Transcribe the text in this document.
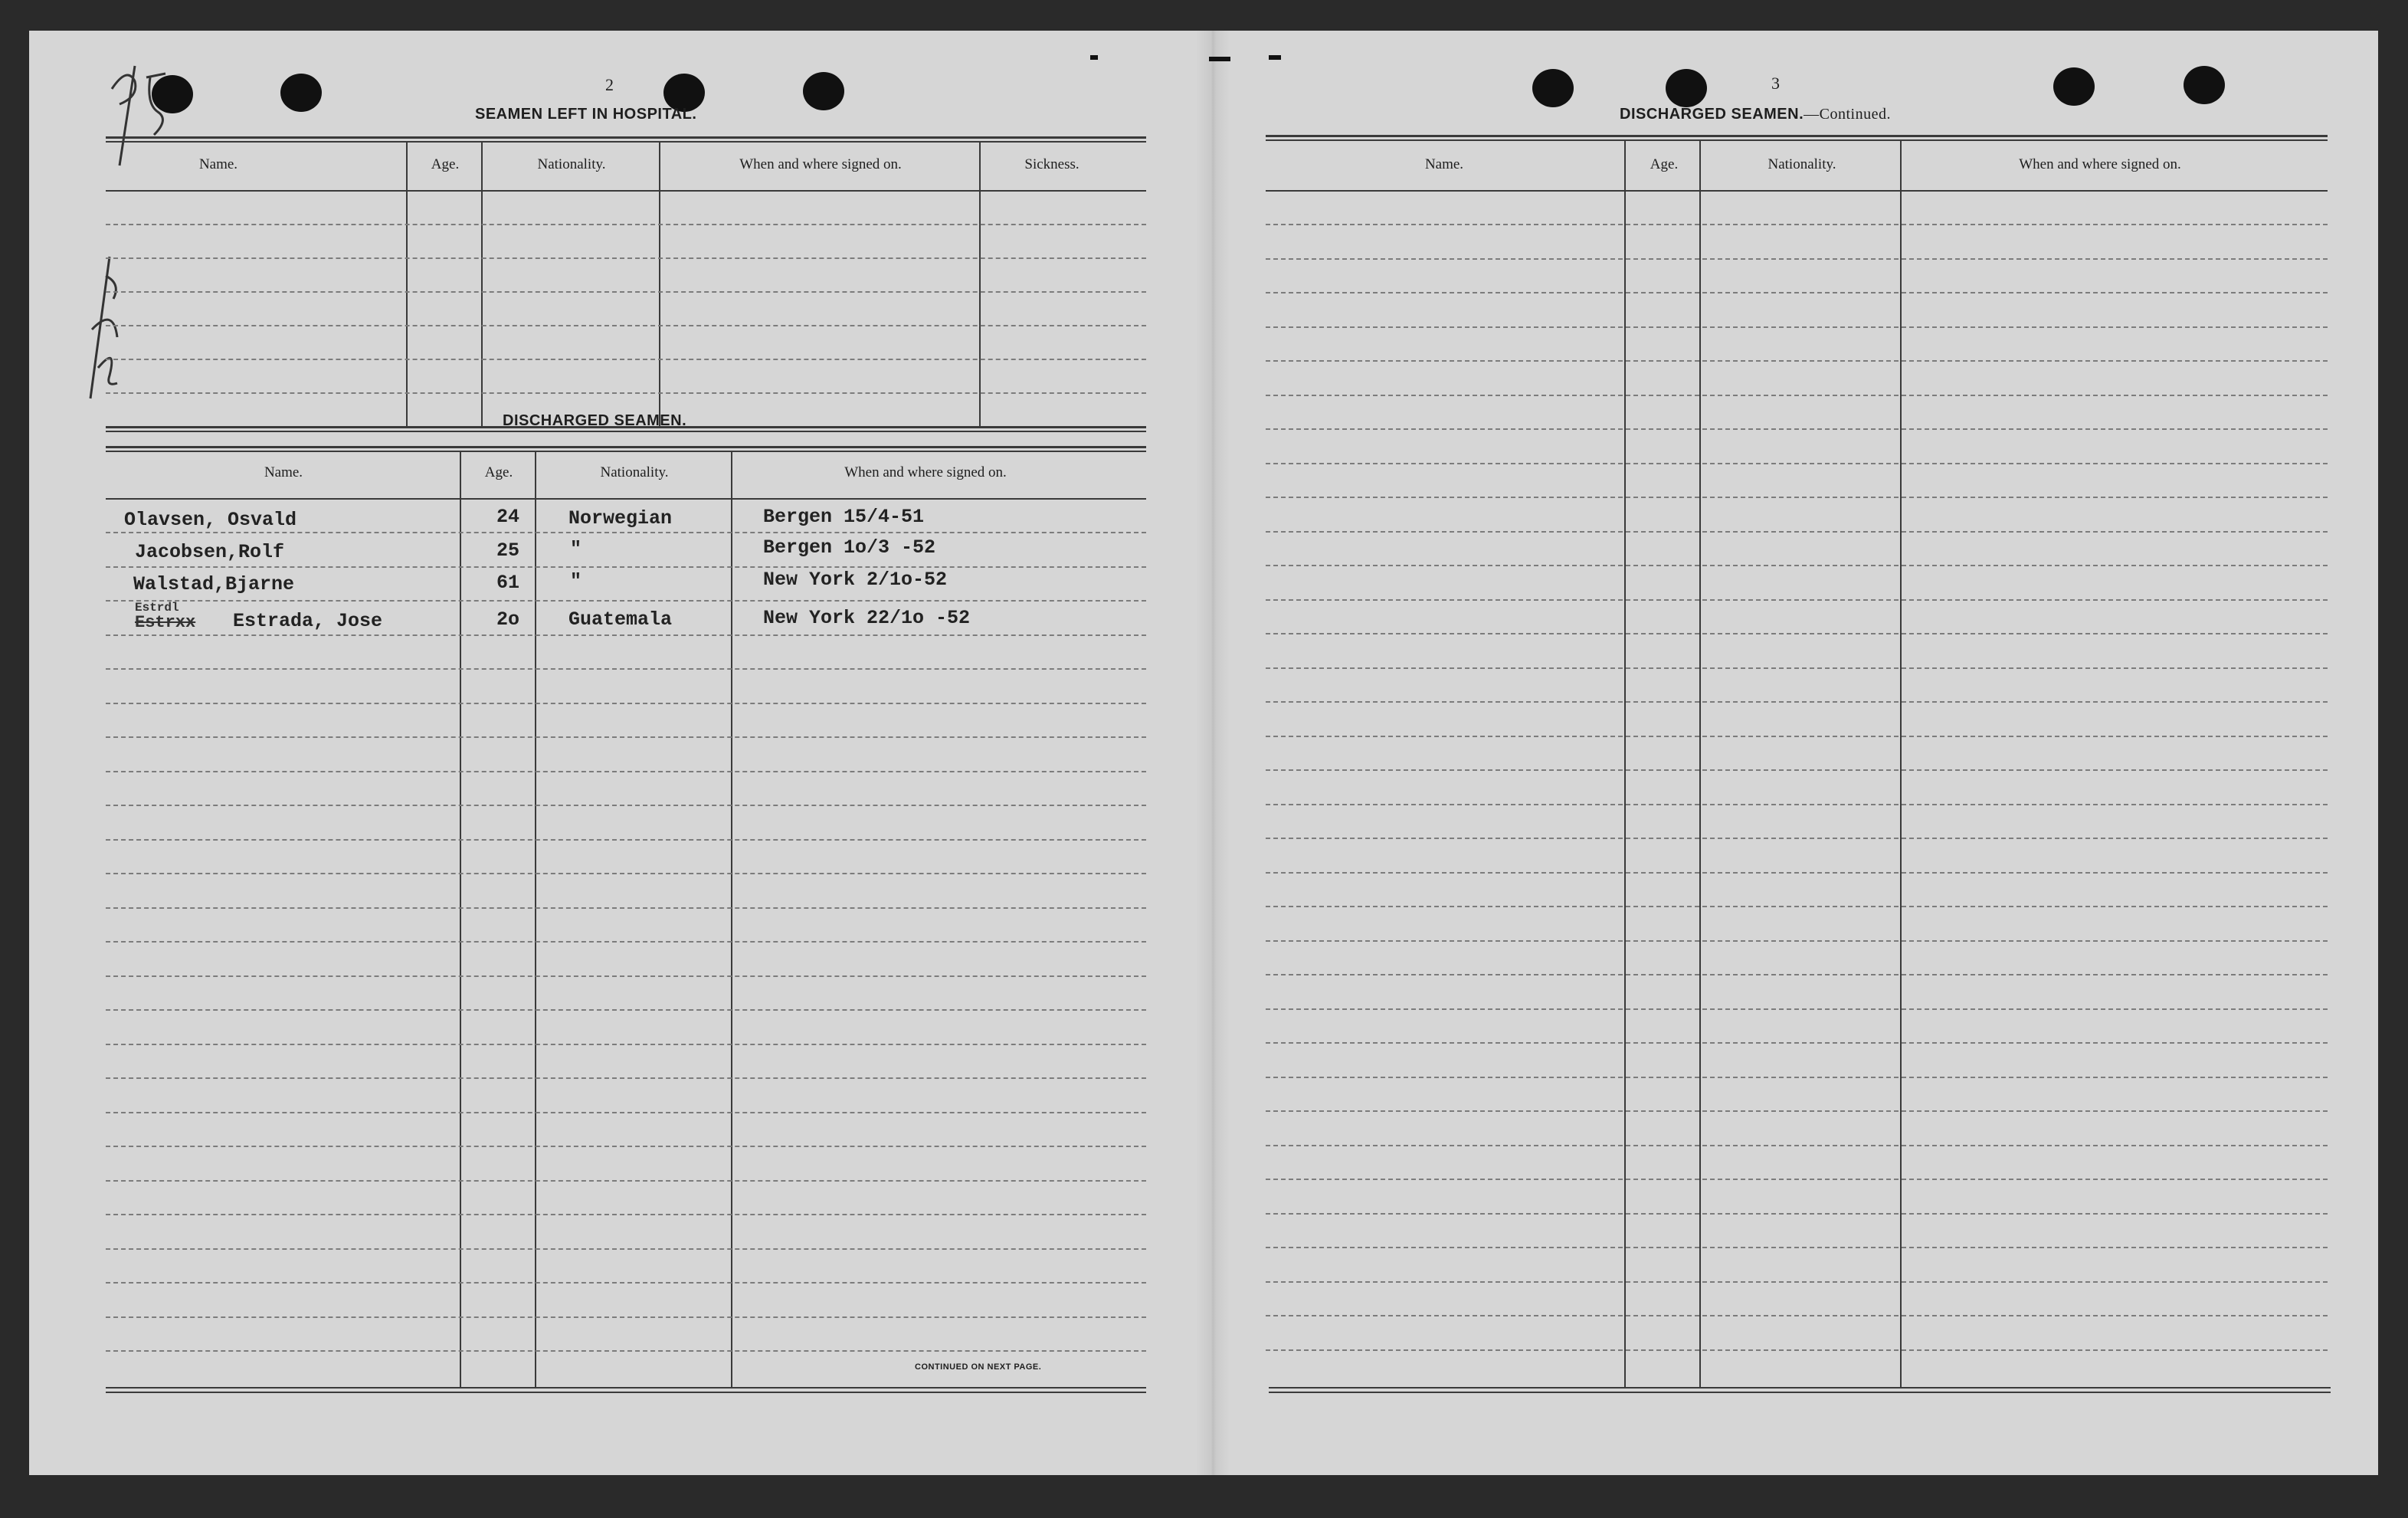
2
SEAMEN LEFT IN HOSPITAL.
Name.	Age.	Nationality.	When and where signed on.	Sickness.
DISCHARGED SEAMEN.
Name.	Age.	Nationality.	When and where signed on.
Olavsen, Osvald	24	Norwegian	Bergen 15/4-51
Jacobsen,Rolf	25	"	Bergen 1o/3 -52
Walstad,Bjarne	61	"	New York 2/1o-52
Estrdl
Estrxx Estrada, Jose	2o	Guatemala	New York 22/1o -52
CONTINUED ON NEXT PAGE.
3
DISCHARGED SEAMEN.—Continued.
Name.	Age.	Nationality.	When and where signed on.
